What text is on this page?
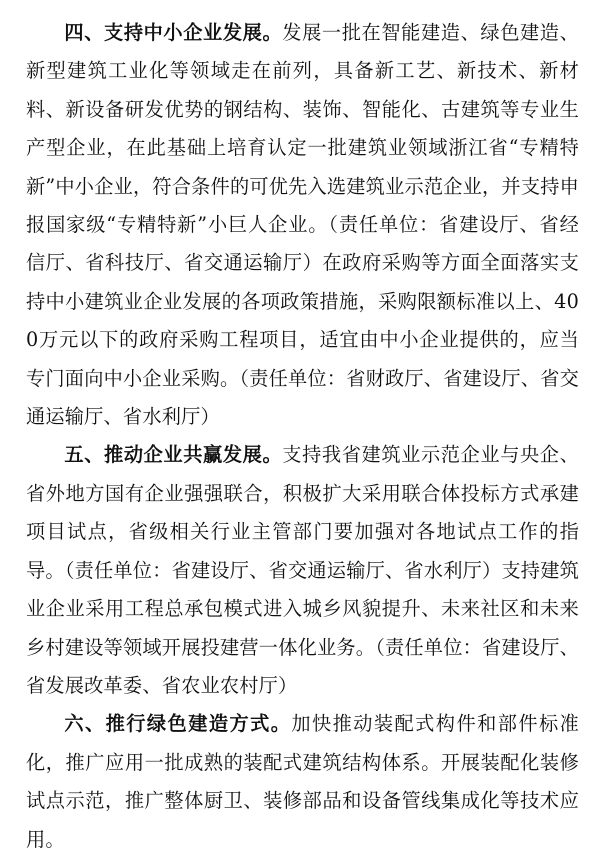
四、支持中小企业发展。发展一批在智能建造、绿色建造、新型建筑工业化等领域走在前列，具备新工艺、新技术、新材料、新设备研发优势的钢结构、装饰、智能化、古建筑等专业生产型企业，在此基础上培育认定一批建筑业领域浙江省“专精特新”中小企业，符合条件的可优先入选建筑业示范企业，并支持申报国家级“专精特新”小巨人企业。（责任单位：省建设厅、省经信厅、省科技厅、省交通运输厅）在政府采购等方面全面落实支持中小建筑业企业发展的各项政策措施，采购限额标准以上、400万元以下的政府采购工程项目，适宜由中小企业提供的，应当专门面向中小企业采购。（责任单位：省财政厅、省建设厅、省交通运输厅、省水利厅）

五、推动企业共赢发展。支持我省建筑业示范企业与央企、省外地方国有企业强强联合，积极扩大采用联合体投标方式承建项目试点，省级相关行业主管部门要加强对各地试点工作的指导。（责任单位：省建设厅、省交通运输厅、省水利厅）支持建筑业企业采用工程总承包模式进入城乡风貌提升、未来社区和未来乡村建设等领域开展投建营一体化业务。（责任单位：省建设厅、省发展改革委、省农业农村厅）

六、推行绿色建造方式。加快推动装配式构件和部件标准化，推广应用一批成熟的装配式建筑结构体系。开展装配化装修试点示范，推广整体厨卫、装修部品和设备管线集成化等技术应用。
